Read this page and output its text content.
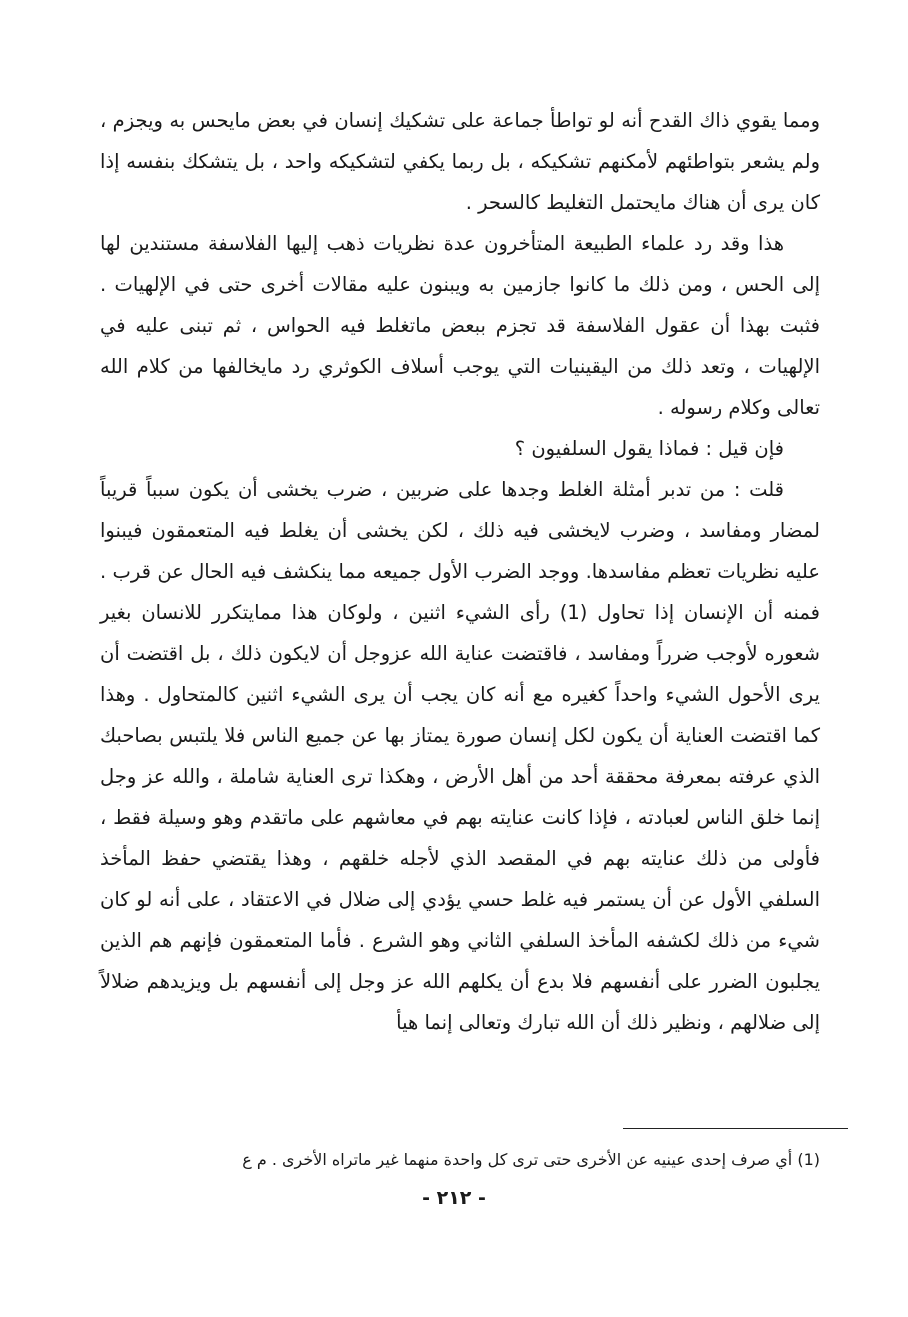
ومما يقوي ذاك القدح أنه لو تواطأ جماعة على تشكيك إنسان في بعض مايحس به ويجزم ، ولم يشعر بتواطئهم لأمكنهم تشكيكه ، بل ربما يكفي لتشكيكه واحد ، بل يتشكك بنفسه إذا كان يرى أن هناك مايحتمل التغليط كالسحر .

هذا وقد رد علماء الطبيعة المتأخرون عدة نظريات ذهب إليها الفلاسفة مستندين لها إلى الحس ، ومن ذلك ما كانوا جازمين به ويبنون عليه مقالات أخرى حتى في الإلهيات . فثبت بهذا أن عقول الفلاسفة قد تجزم ببعض ماتغلط فيه الحواس ، ثم تبنى عليه في الإلهيات ، وتعد ذلك من اليقينيات التي يوجب أسلاف الكوثري رد مايخالفها من كلام الله تعالى وكلام رسوله .

فإن قيل : فماذا يقول السلفيون ؟

قلت : من تدبر أمثلة الغلط وجدها على ضربين ، ضرب يخشى أن يكون سبباً قريباً لمضار ومفاسد ، وضرب لايخشى فيه ذلك ، لكن يخشى أن يغلط فيه المتعمقون فيبنوا عليه نظريات تعظم مفاسدها. ووجد الضرب الأول جميعه مما ينكشف فيه الحال عن قرب . فمنه أن الإنسان إذا تحاول (1) رأى الشيء اثنين ، ولوكان هذا ممايتكرر للانسان بغير شعوره لأوجب ضرراً ومفاسد ، فاقتضت عناية الله عزوجل أن لايكون ذلك ، بل اقتضت أن يرى الأحول الشيء واحداً كغيره مع أنه كان يجب أن يرى الشيء اثنين كالمتحاول . وهذا كما اقتضت العناية أن يكون لكل إنسان صورة يمتاز بها عن جميع الناس فلا يلتبس بصاحبك الذي عرفته بمعرفة محققة أحد من أهل الأرض ، وهكذا ترى العناية شاملة ، والله عز وجل إنما خلق الناس لعبادته ، فإذا كانت عنايته بهم في معاشهم على ماتقدم وهو وسيلة فقط ، فأولى من ذلك عنايته بهم في المقصد الذي لأجله خلقهم ، وهذا يقتضي حفظ المأخذ السلفي الأول عن أن يستمر فيه غلط حسي يؤدي إلى ضلال في الاعتقاد ، على أنه لو كان شيء من ذلك لكشفه المأخذ السلفي الثاني وهو الشرع . فأما المتعمقون فإنهم هم الذين يجلبون الضرر على أنفسهم فلا بدع أن يكلهم الله عز وجل إلى أنفسهم بل ويزيدهم ضلالاً إلى ضلالهم ، ونظير ذلك أن الله تبارك وتعالى إنما هيأ

(1) أي صرف إحدى عينيه عن الأخرى حتى ترى كل واحدة منهما غير ماتراه الأخرى . م ع
- ٢١٢ -
